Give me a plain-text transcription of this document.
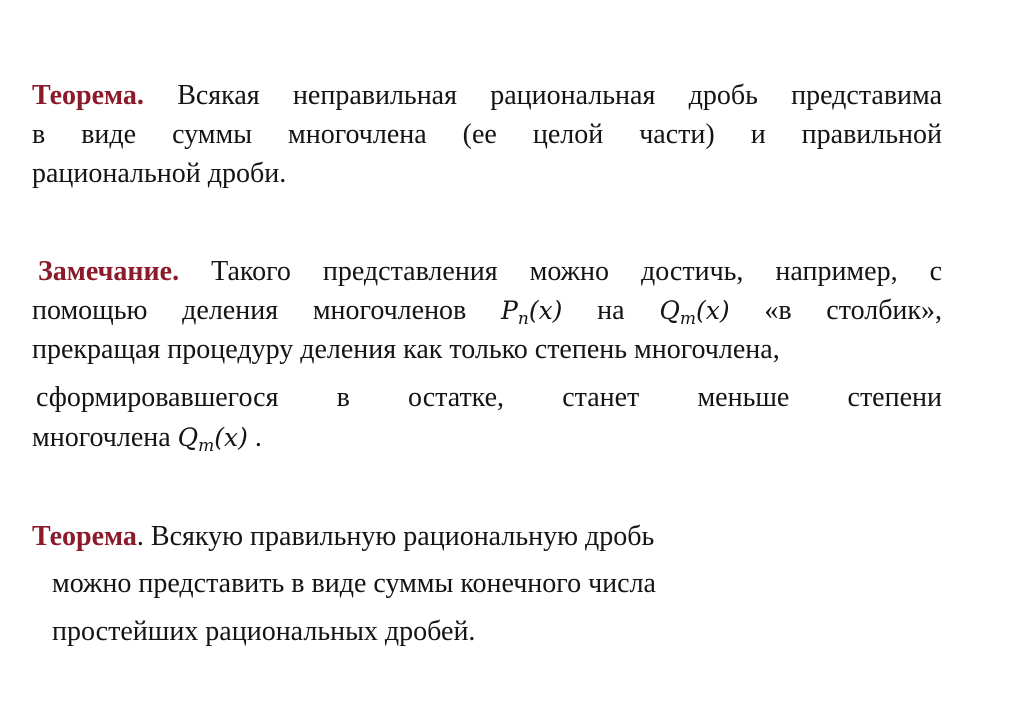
Теорема. Всякая неправильная рациональная дробь представима
в виде суммы многочлена (ее целой части) и правильной
рациональной дроби.
Замечание. Такого представления можно достичь, например, с
помощью деления многочленов $P_n(x)$ на $Q_m(x)$ «в столбик»,
прекращая процедуру деления как только степень многочлена,
сформировавшегося в остатке, станет меньше степени
многочлена $Q_m(x)$ .
Теорема. Всякую правильную рациональную дробь
можно представить в виде суммы конечного числа
простейших рациональных дробей.
